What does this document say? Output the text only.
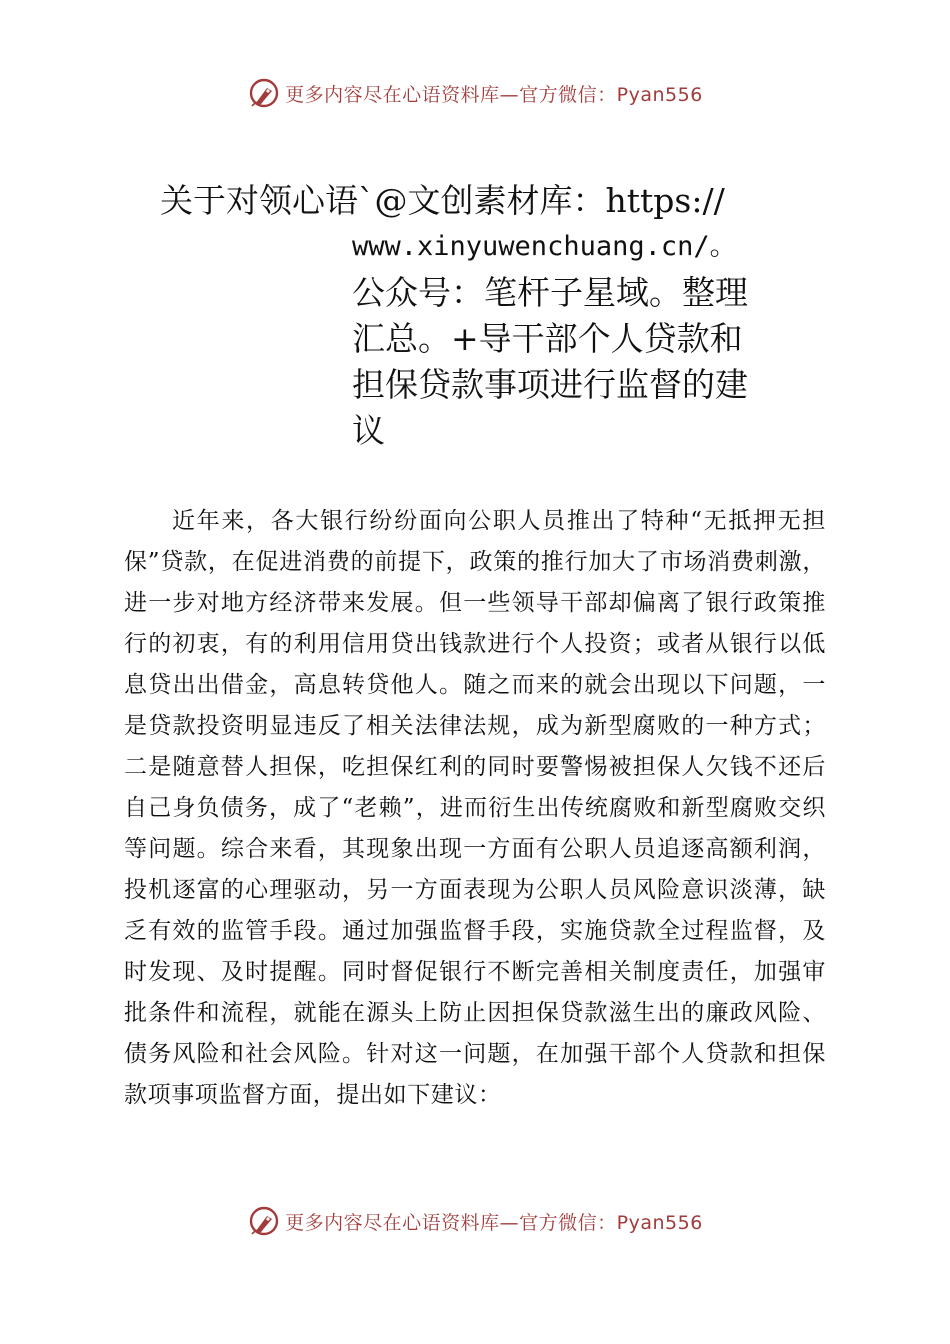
更多内容尽在心语资料库—官方微信：Pyan556
关于对领心语`@文创素材库：https://
www.xinyuwenchuang.cn/。
公众号：笔杆子星域。整理
汇总。+导干部个人贷款和
担保贷款事项进行监督的建
议

近年来，各大银行纷纷面向公职人员推出了特种“无抵押无担保”贷款，在促进消费的前提下，政策的推行加大了市场消费刺激，进一步对地方经济带来发展。但一些领导干部却偏离了银行政策推行的初衷，有的利用信用贷出钱款进行个人投资；或者从银行以低息贷出出借金，高息转贷他人。随之而来的就会出现以下问题，一是贷款投资明显违反了相关法律法规，成为新型腐败的一种方式；二是随意替人担保，吃担保红利的同时要警惕被担保人欠钱不还后自己身负债务，成了“老赖”，进而衍生出传统腐败和新型腐败交织等问题。综合来看，其现象出现一方面有公职人员追逐高额利润，投机逐富的心理驱动，另一方面表现为公职人员风险意识淡薄，缺乏有效的监管手段。通过加强监督手段，实施贷款全过程监督，及时发现、及时提醒。同时督促银行不断完善相关制度责任，加强审批条件和流程，就能在源头上防止因担保贷款滋生出的廉政风险、债务风险和社会风险。针对这一问题，在加强干部个人贷款和担保款项事项监督方面，提出如下建议：

更多内容尽在心语资料库—官方微信：Pyan556
